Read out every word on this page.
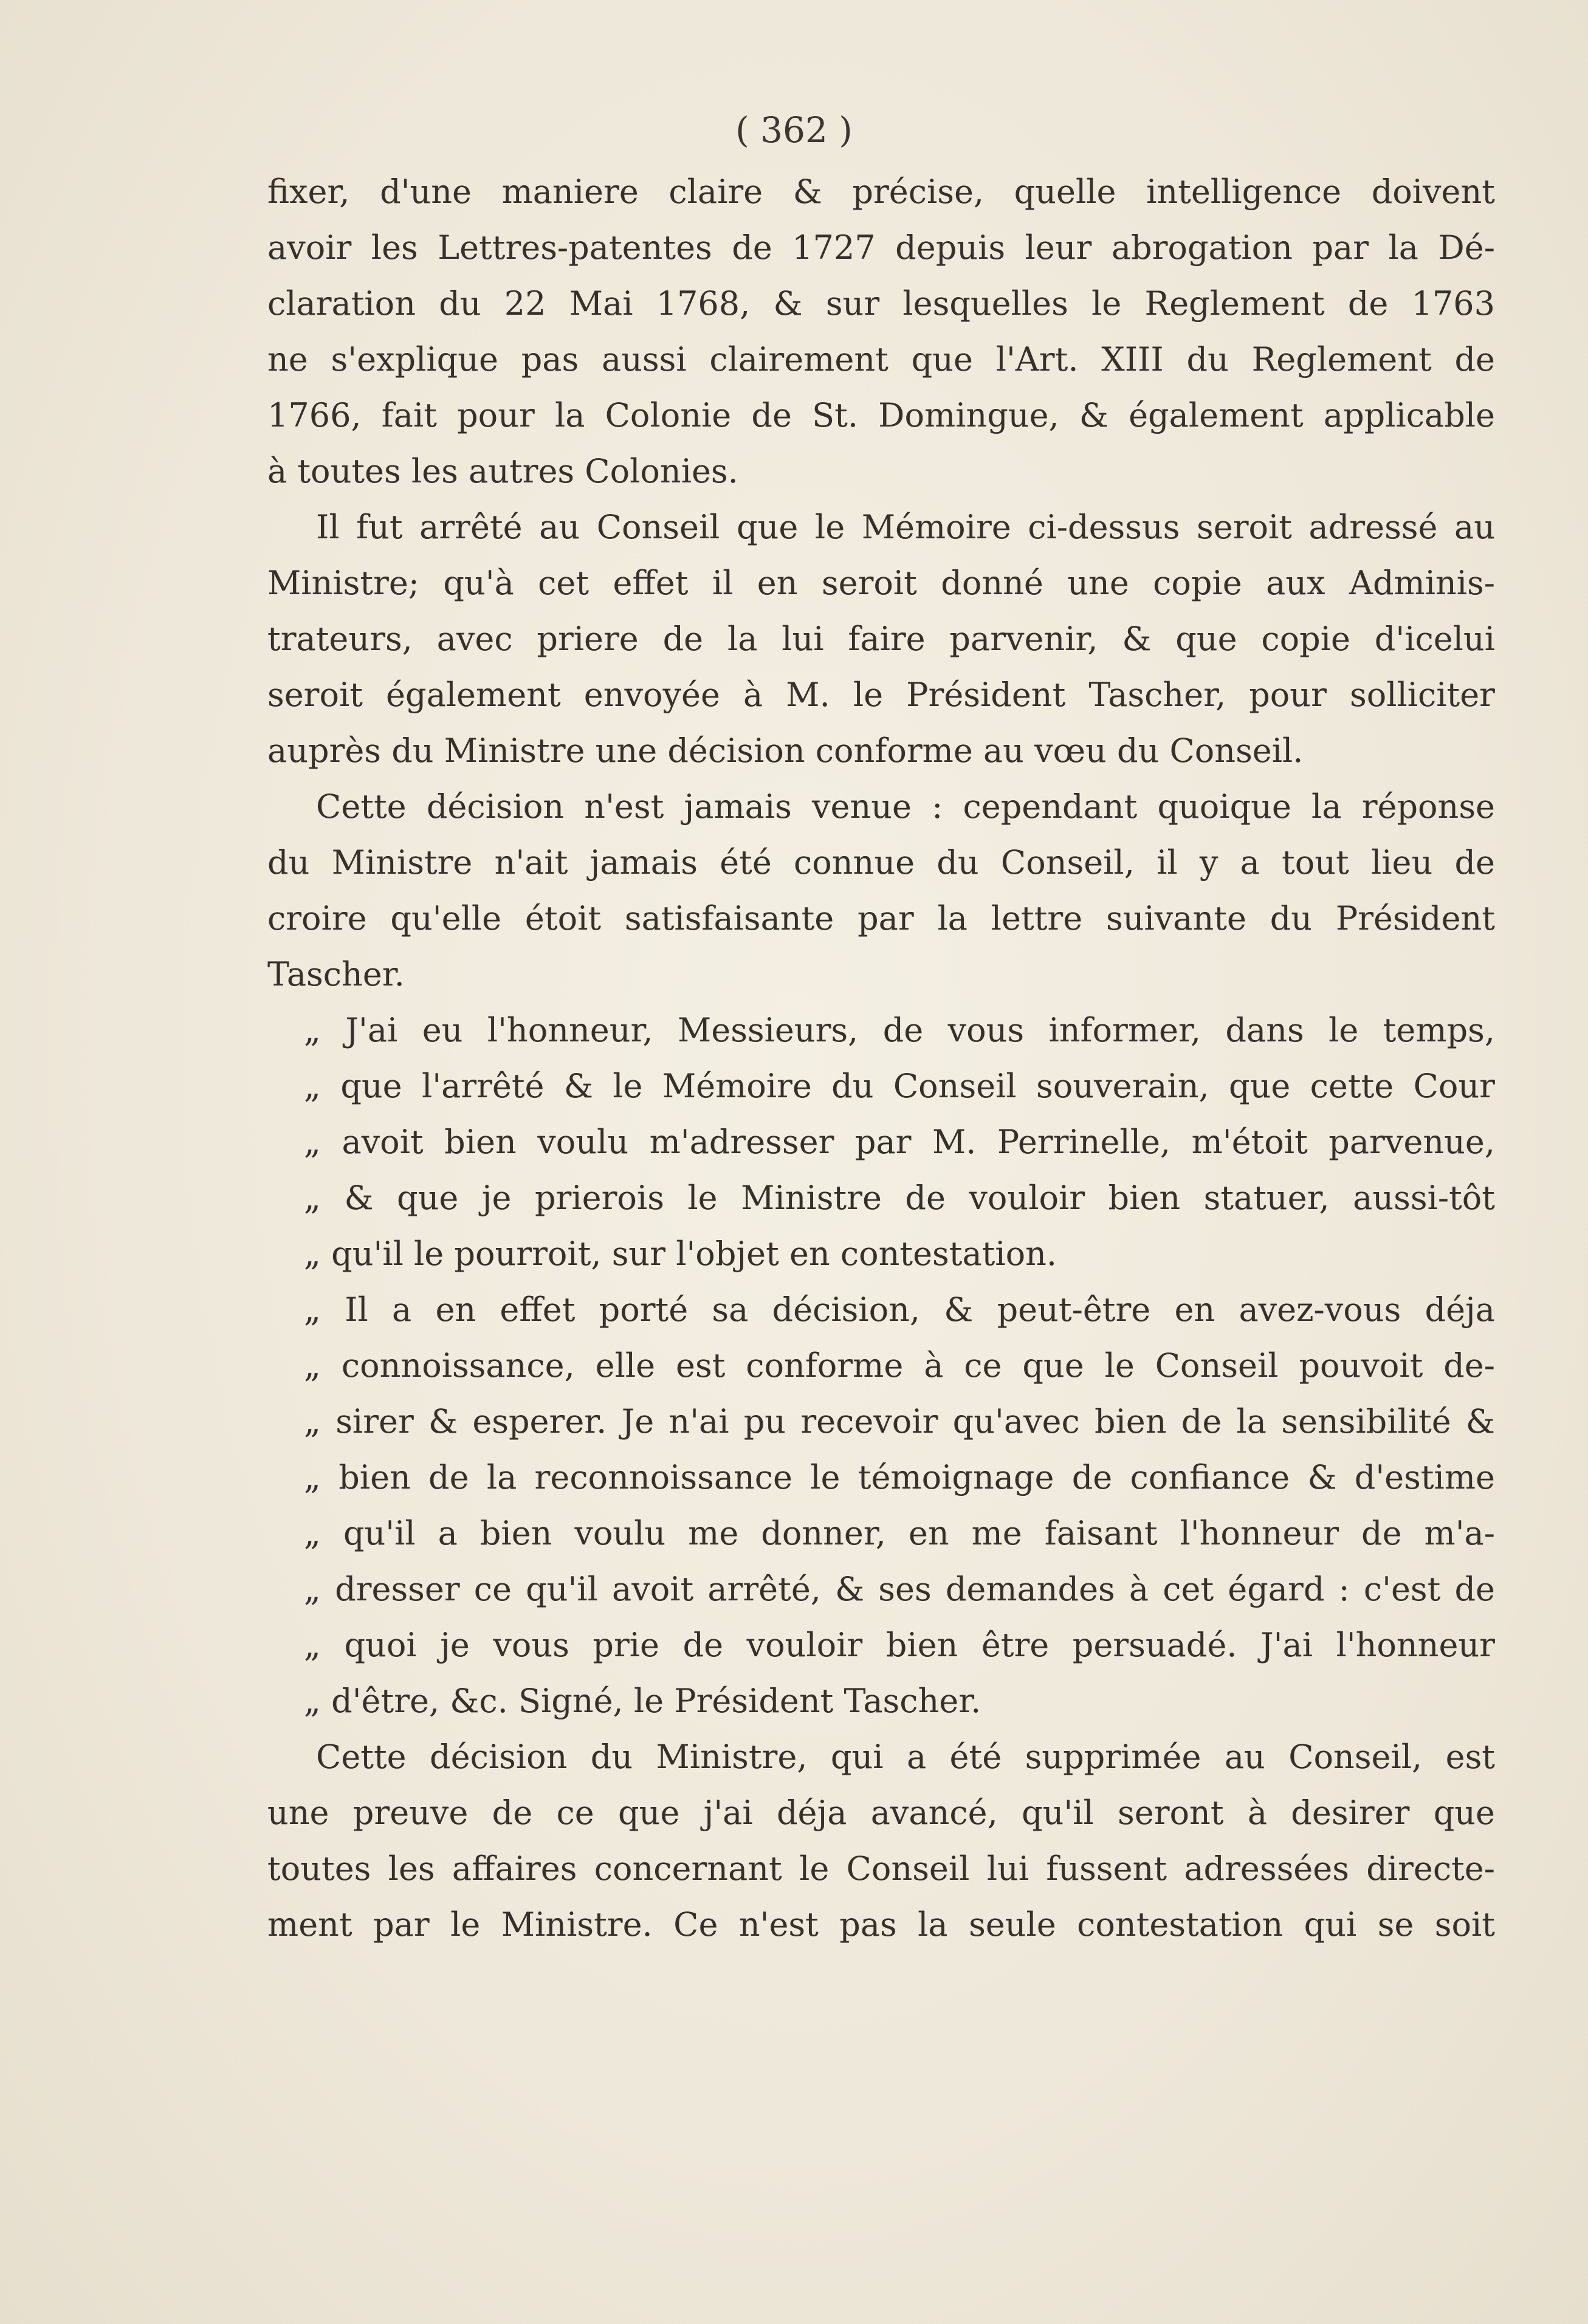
( 362 )
fixer, d'une maniere claire & précise, quelle intelligence doivent
avoir les Lettres-patentes de 1727 depuis leur abrogation par la Dé-
claration du 22 Mai 1768, & sur lesquelles le Reglement de 1763
ne s'explique pas aussi clairement que l'Art. XIII du Reglement de
1766, fait pour la Colonie de St. Domingue, & également applicable
à toutes les autres Colonies.
Il fut arrêté au Conseil que le Mémoire ci-dessus seroit adressé au
Ministre; qu'à cet effet il en seroit donné une copie aux Adminis-
trateurs, avec priere de la lui faire parvenir, & que copie d'icelui
seroit également envoyée à M. le Président Tascher, pour solliciter
auprès du Ministre une décision conforme au vœu du Conseil.
Cette décision n'est jamais venue : cependant quoique la réponse
du Ministre n'ait jamais été connue du Conseil, il y a tout lieu de
croire qu'elle étoit satisfaisante par la lettre suivante du Président
Tascher.
„ J'ai eu l'honneur, Messieurs, de vous informer, dans le temps,
„ que l'arrêté & le Mémoire du Conseil souverain, que cette Cour
„ avoit bien voulu m'adresser par M. Perrinelle, m'étoit parvenue,
„ & que je prierois le Ministre de vouloir bien statuer, aussi-tôt
„ qu'il le pourroit, sur l'objet en contestation.
„ Il a en effet porté sa décision, & peut-être en avez-vous déja
„ connoissance, elle est conforme à ce que le Conseil pouvoit de-
„ sirer & esperer. Je n'ai pu recevoir qu'avec bien de la sensibilité &
„ bien de la reconnoissance le témoignage de confiance & d'estime
„ qu'il a bien voulu me donner, en me faisant l'honneur de m'a-
„ dresser ce qu'il avoit arrêté, & ses demandes à cet égard : c'est de
„ quoi je vous prie de vouloir bien être persuadé. J'ai l'honneur
„ d'être, &c. Signé, le Président Tascher.
Cette décision du Ministre, qui a été supprimée au Conseil, est
une preuve de ce que j'ai déja avancé, qu'il seront à desirer que
toutes les affaires concernant le Conseil lui fussent adressées directe-
ment par le Ministre. Ce n'est pas la seule contestation qui se soit
